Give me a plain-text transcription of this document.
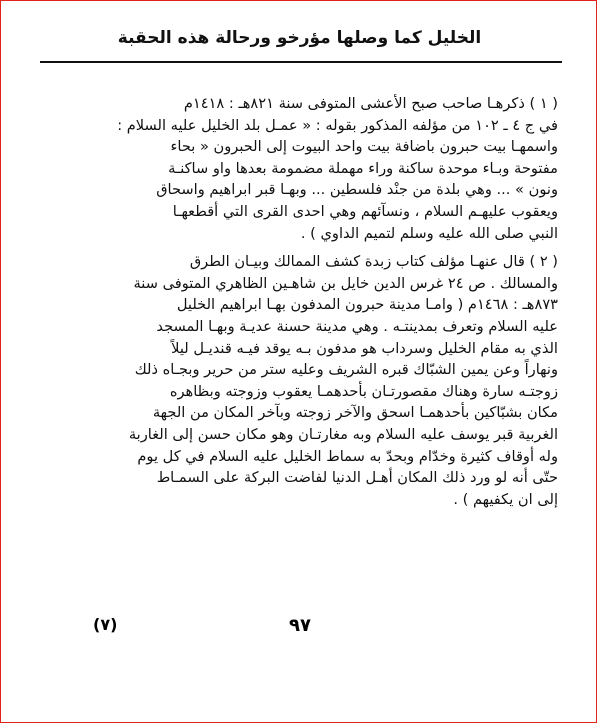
الخليل كما وصلها مؤرخو ورحالة هذه الحقبة
( ١ ) ذكرهـا صاحب صبح الأعشى المتوفى سنة ٨٢١هـ : ١٤١٨م
في ج ٤ ـ ١٠٢ من مؤلفه المذكور بقوله : « عمـل بلد الخليل عليه السلام :
واسمهـا بيت حبرون باضافة بيت واحد البيوت إلى الحبرون « بحاء
مفتوحة وبـاء موحدة ساكنة وراء مهملة مضمومة بعدها واو ساكنـة
ونون » ... وهي بلدة من جنْد فلسطين ... وبهـا قبر ابراهيم واسحاق
ويعقوب عليهـم السلام ، ونسآئهم وهي احدى القرى التي أقطعهـا
النبي صلى الله عليه وسلم لتميم الداوي ) .
( ٢ ) قال عنهـا مؤلف كتاب زبدة كشف الممالك وبيـان الطرق
والمسالك . ص ٢٤ غرس الدين خايل بن شاهـين الظاهري المتوفى سنة
٨٧٣هـ : ١٤٦٨م ( وامـا مدينة حبرون المدفون بهـا ابراهيم الخليل
عليه السلام وتعرف بمدينتـه . وهي مدينة حسنة عديـة وبهـا المسجد
الذي به مقام الخليل وسرداب هو مدفون بـه يوقد فيـه قنديـل ليلاً
ونهاراً وعن يمين الشبّاك قبره الشريف وعليه ستر من حرير وبجـاه ذلك
زوجتـه سارة وهناك مقصورتـان بأحدهمـا يعقوب وزوجته وبظاهره
مكان بشبّاكين بأحدهمـا اسحق والآخر زوجته وبآخر المكان من الجهة
الغربية قبر يوسف عليه السلام وبه مغارتـان وهو مكان حسن إلى الغاربة
وله أوقاف كثيرة وخدّام وبحدّ به سماط الخليل عليه السلام في كل يوم
حتّى أنه لو ورد ذلك المكان أهـل الدنيا لفاضت البركة على السمـاط
إلى ان يكفيهم ) .
(٧)	٩٧
